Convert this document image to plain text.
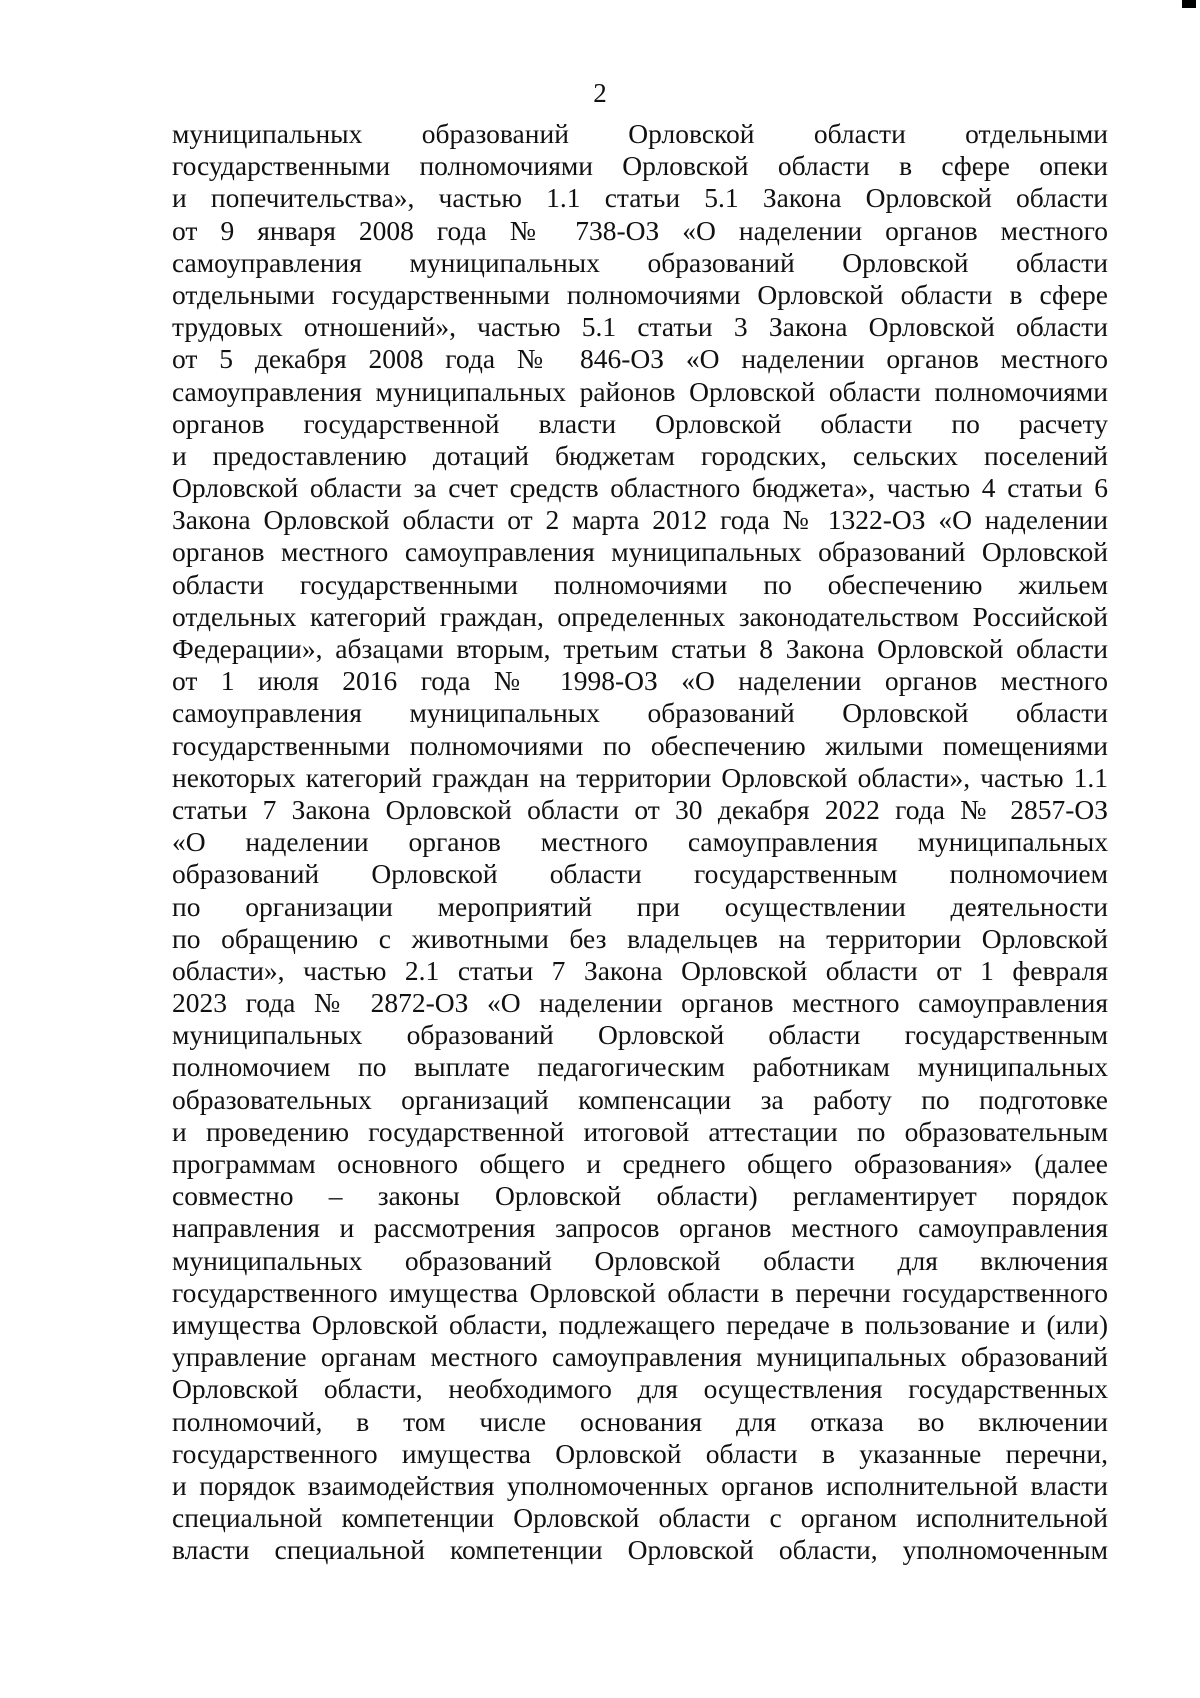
2
муниципальных образований Орловской области отдельными
государственными полномочиями Орловской области в сфере опеки
и попечительства», частью 1.1 статьи 5.1 Закона Орловской области
от 9 января 2008 года № 738-ОЗ «О наделении органов местного
самоуправления муниципальных образований Орловской области
отдельными государственными полномочиями Орловской области в сфере
трудовых отношений», частью 5.1 статьи 3 Закона Орловской области
от 5 декабря 2008 года № 846-ОЗ «О наделении органов местного
самоуправления муниципальных районов Орловской области полномочиями
органов государственной власти Орловской области по расчету
и предоставлению дотаций бюджетам городских, сельских поселений
Орловской области за счет средств областного бюджета», частью 4 статьи 6
Закона Орловской области от 2 марта 2012 года № 1322-ОЗ «О наделении
органов местного самоуправления муниципальных образований Орловской
области государственными полномочиями по обеспечению жильем
отдельных категорий граждан, определенных законодательством Российской
Федерации», абзацами вторым, третьим статьи 8 Закона Орловской области
от 1 июля 2016 года № 1998-ОЗ «О наделении органов местного
самоуправления муниципальных образований Орловской области
государственными полномочиями по обеспечению жилыми помещениями
некоторых категорий граждан на территории Орловской области», частью 1.1
статьи 7 Закона Орловской области от 30 декабря 2022 года № 2857-ОЗ
«О наделении органов местного самоуправления муниципальных
образований Орловской области государственным полномочием
по организации мероприятий при осуществлении деятельности
по обращению с животными без владельцев на территории Орловской
области», частью 2.1 статьи 7 Закона Орловской области от 1 февраля
2023 года № 2872-ОЗ «О наделении органов местного самоуправления
муниципальных образований Орловской области государственным
полномочием по выплате педагогическим работникам муниципальных
образовательных организаций компенсации за работу по подготовке
и проведению государственной итоговой аттестации по образовательным
программам основного общего и среднего общего образования» (далее
совместно – законы Орловской области) регламентирует порядок
направления и рассмотрения запросов органов местного самоуправления
муниципальных образований Орловской области для включения
государственного имущества Орловской области в перечни государственного
имущества Орловской области, подлежащего передаче в пользование и (или)
управление органам местного самоуправления муниципальных образований
Орловской области, необходимого для осуществления государственных
полномочий, в том числе основания для отказа во включении
государственного имущества Орловской области в указанные перечни,
и порядок взаимодействия уполномоченных органов исполнительной власти
специальной компетенции Орловской области с органом исполнительной
власти специальной компетенции Орловской области, уполномоченным
